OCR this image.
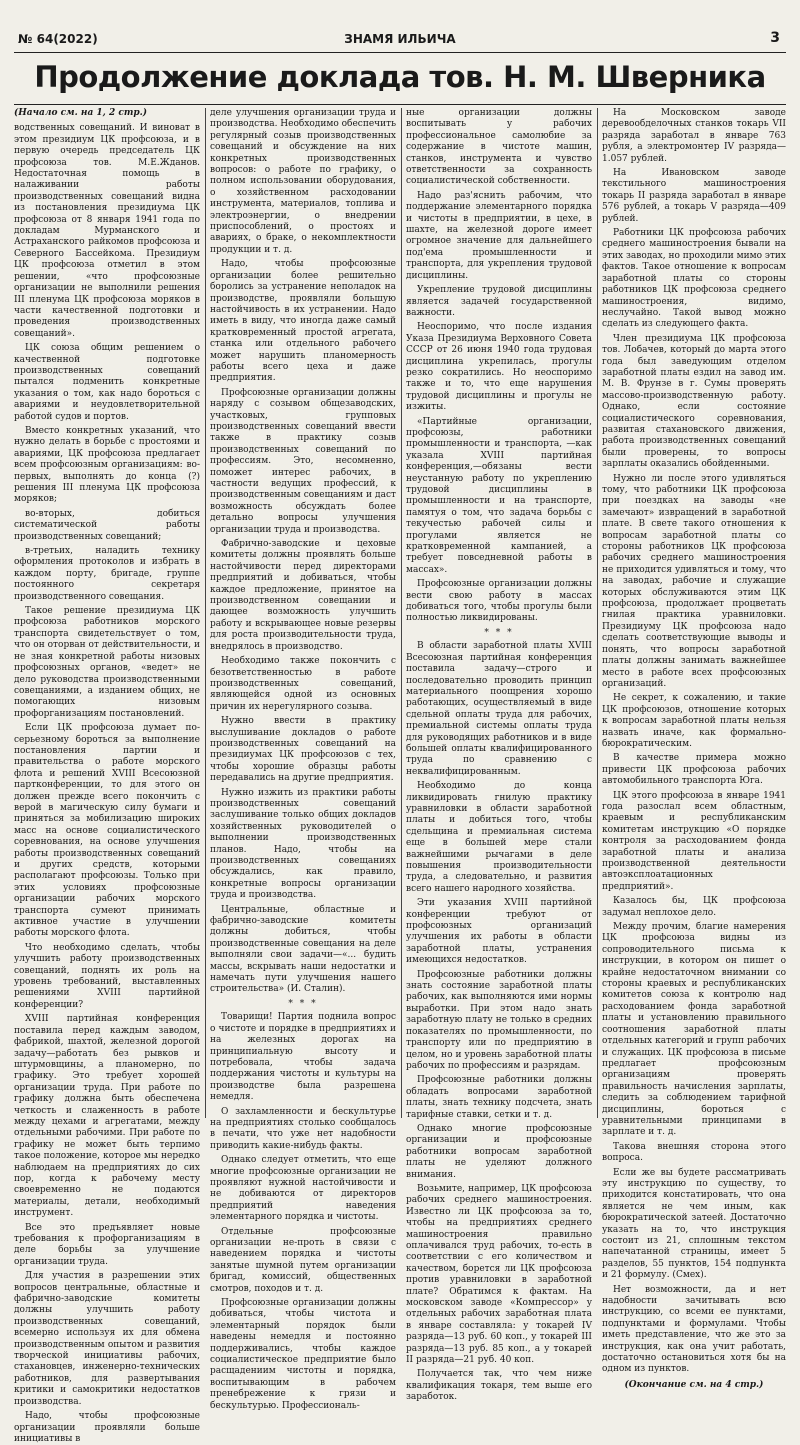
№ 64(2022)	ЗНАМЯ ИЛЬИЧА	3
Продолжение доклада тов. Н. М. Шверника

(Начало см. на 1, 2 стр.)

водственных совещаний. И виноват в этом президиум ЦК профсоюза, и в первую очередь председатель ЦК профсоюза тов. М.Е.Жданов. Недостаточная помощь в налаживании работы производственных совещаний видна из постановления президиума ЦК профсоюза от 8 января 1941 года по докладам Мурманского и Астраханского райкомов профсоюза и Северного Бассейкома. Президиум ЦК профсоюза отметил в этом решении, «что профсоюзные организации не выполнили решения III пленума ЦК профсоюза моряков в части качественной подготовки и проведения производственных совещаний».

ЦК союза общим решением о качественной подготовке производственных совещаний пытался подменить конкретные указания о том, как надо бороться с авариями и неудовлетворительной работой судов и портов.

Вместо конкретных указаний, что нужно делать в борьбе с простоями и авариями, ЦК профсоюза предлагает всем профсоюзным организациям: во-первых, выполнять до конца (?) решения III пленума ЦК профсоюза моряков;

во-вторых, добиться систематической работы производственных совещаний;

в-третьих, наладить технику оформления протоколов и избрать в каждом порту, бригаде, группе постоянного секретаря производственного совещания.

Такое решение президиума ЦК профсоюза работников морского транспорта свидетельствует о том, что он оторван от действительности, и не зная конкретной работы низовых профсоюзных органов, «ведет» не дело руководства производственными совещаниями, а изданием общих, не помогающих низовым профорганизациям постановлений.

Если ЦК профсоюза думает по-серьезному бороться за выполнение постановления партии и правительства о работе морского флота и решений XVIII Всесоюзной партконференции, то для этого он должен прежде всего покончить с верой в магическую силу бумаги и приняться за мобилизацию широких масс на основе социалистического соревнования, на основе улучшения работы производственных совещаний и других средств, которыми располагают профсоюзы. Только при этих условиях профсоюзные организации рабочих морского транспорта сумеют принимать активное участие в улучшении работы морского флота.

Что необходимо сделать, чтобы улучшить работу производственных совещаний, поднять их роль на уровень требований, выставленных решениями XVIII партийной конференции?

XVIII партийная конференция поставила перед каждым заводом, фабрикой, шахтой, железной дорогой задачу—работать без рывков и штурмовщины, а планомерно, по графику. Это требует хорошей организации труда. При работе по графику должна быть обеспечена четкость и слаженность в работе между цехами и агрегатами, между отдельными рабочими. При работе по графику не может быть терпимо такое положение, которое мы нередко наблюдаем на предприятиях до сих пор, когда к рабочему месту своевременно не подаются материалы, детали, необходимый инструмент.

Все это предъявляет новые требования к профорганизациям в деле борьбы за улучшение организации труда.

Для участия в разрешении этих вопросов центральные, областные и фабрично-заводские комитеты должны улучшить работу производственных совещаний, всемерно используя их для обмена производственным опытом и развития творческой инициативы рабочих, стахановцев, инженерно-технических работников, для развертывания критики и самокритики недостатков производства.

Надо, чтобы профсоюзные организации проявляли больше инициативы в

деле улучшения организации труда и производства. Необходимо обеспечить регулярный созыв производственных совещаний и обсуждение на них конкретных производственных вопросов: о работе по графику, о полном использовании оборудования, о хозяйственном расходовании инструмента, материалов, топлива и электроэнергии, о внедрении приспособлений, о простоях и авариях, о браке, о некомплектности продукции и т. д.

Надо, чтобы профсоюзные организации более решительно боролись за устранение неполадок на производстве, проявляли большую настойчивость в их устранении. Надо иметь в виду, что иногда даже самый кратковременный простой агрегата, станка или отдельного рабочего может нарушить планомерность работы всего цеха и даже предприятия.

Профсоюзные организации должны наряду с созывом общезаводских, участковых, групповых производственных совещаний ввести также в практику созыв производственных совещаний по профессиям. Это, несомненно, поможет интерес рабочих, в частности ведущих профессий, к производственным совещаниям и даст возможность обсуждать более детально вопросы улучшения организации труда и производства.

Фабрично-заводские и цеховые комитеты должны проявлять больше настойчивости перед директорами предприятий и добиваться, чтобы каждое предложение, принятое на производственном совещании и дающее возможность улучшить работу и вскрывающее новые резервы для роста производительности труда, внедрялось в производство.

Необходимо также покончить с безответственностью в работе производственных совещаний, являющейся одной из основных причин их нерегулярного созыва.

Нужно ввести в практику выслушивание докладов о работе производственных совещаний на президиумах ЦК профсоюзов с тех, чтобы хорошие образцы работы передавались на другие предприятия.

Нужно изжить из практики работы производственных совещаний заслушивание только общих докладов хозяйственных руководителей о выполнении производственных планов. Надо, чтобы на производственных совещаниях обсуждались, как правило, конкретные вопросы организации труда и производства.

Центральные, областные и фабрично-заводские комитеты должны добиться, чтобы производственные совещания на деле выполняли свои задачи—«... будить массы, вскрывать наши недостатки и намечать пути улучшения нашего строительства» (И. Сталин).

* * *

Товарищи! Партия поднила вопрос о чистоте и порядке в предприятиях и на железных дорогах на принципиальную высоту и потребовала, чтобы задача поддержания чистоты и культуры на производстве была разрешена немедля.

О захламленности и бескультурье на предприятиях столько сообщалось в печати, что уже нет надобности приводить какие-нибудь факты.

Однако следует отметить, что еще многие профсоюзные организации не проявляют нужной настойчивости и не добиваются от директоров предприятий наведения элементарного порядка и чистоты.

Отдельные профсоюзные организации не-проть в связи с наведением порядка и чистоты занятые шумной путем организации бригад, комиссий, общественных смотров, походов и т. д.

Профсоюзные организации должны добиваться, чтобы чистота и элементарный порядок были наведены немедля и постоянно поддерживались, чтобы каждое социалистическое предприятие было расщадениим чистоты и порядка, воспитывающим в рабочем пренебрежение к грязи и бескультурью. Профессиональ-

ные организации должны воспитывать у рабочих профессиональное самолюбие за содержание в чистоте машин, станков, инструмента и чувство ответственности за сохранность социалистической собственности.

Надо раз'яснить рабочим, что поддержание элементарного порядка и чистоты в предприятии, в цехе, в шахте, на железной дороге имеет огромное значение для дальнейшего под'ема промышленности и транспорта, для укрепления трудовой дисциплины.

Укрепление трудовой дисциплины является задачей государственной важности.

Неоспоримо, что после издания Указа Президиума Верховного Совета СССР от 26 июня 1940 года трудовая дисциплина укрепилась, прогулы резко сократились. Но неоспоримо также и то, что еще нарушения трудовой дисциплины и прогулы не изжиты.

«Партийные организации, профсоюзы, работники промышленности и транспорта, —как указала XVIII партийная конференция,—обязаны вести неустанную работу по укреплению трудовой дисциплины в промышленности и на транспорте, памятуя о том, что задача борьбы с текучестью рабочей силы и прогулами является не кратковременной кампанией, а требует повседневной работы в массах».

Профсоюзные организации должны вести свою работу в массах добиваться того, чтобы прогулы были полностью ликвидированы.

* * *

В области заработной платы XVIII Всесоюзная партийная конференция поставила задачу—строго и последовательно проводить принцип материального поощрения хорошо работающих, осуществляемый в виде сдельной оплаты труда для рабочих, премиальной системы оплаты труда для руководящих работников и в виде большей оплаты квалифицированного труда по сравнению с неквалифицированным.

Необходимо до конца ликвидировать гнилую практику уравниловки в области заработной платы и добиться того, чтобы сдельщина и премиальная система еще в большей мере стали важнейшими рычагами в деле повышения производительности труда, а следовательно, и развития всего нашего народного хозяйства.

Эти указания XVIII партийной конференции требуют от профсоюзных организаций улучшения их работы в области заработной платы, устранения имеющихся недостатков.

Профсоюзные работники должны знать состояние заработной платы рабочих, как выполняются ими нормы выработки. При этом надо знать заработную плату не только в средних показателях по промышленности, по транспорту или по предприятию в целом, но и уровень заработной платы рабочих по профессиям и разрядам.

Профсоюзные работники должны обладать вопросами заработной платы, знать технику подсчета, знать тарифные ставки, сетки и т. д.

Однако многие профсоюзные организации и профсоюзные работники вопросам заработной платы не уделяют должного внимания.

Возьмите, например, ЦК профсоюза рабочих среднего машиностроения. Известно ли ЦК профсоюза за то, чтобы на предприятиях среднего машиностроения правильно оплачивался труд рабочих, то-есть в соответствии с его количеством и качеством, борется ли ЦК профсоюза против уравниловки в заработной плате? Обратимся к фактам. На московском заводе «Компрессор» у отдельных рабочих заработная плата в январе составляла: у токарей IV разряда—13 руб. 60 коп., у токарей III разряда—13 руб. 85 коп., а у токарей II разряда—21 руб. 40 коп.

Получается так, что чем ниже квалификация токаря, тем выше его заработок.

На Московском заводе деревообделочных станков токарь VII разряда заработал в январе 763 рубля, а электромонтер IV разряда—1.057 рублей.

На Ивановском заводе текстильного машиностроения токарь II разряда заработал в январе 576 рублей, а токарь V разряда—409 рублей.

Работники ЦК профсоюза рабочих среднего машиностроения бывали на этих заводах, но проходили мимо этих фактов. Такое отношение к вопросам заработной платы со стороны работников ЦК профсоюза среднего машиностроения, видимо, неслучайно. Такой вывод можно сделать из следующего факта.

Член президиума ЦК профсоюза тов. Лобачев, который до марта этого года был заведующим отделом заработной платы ездил на завод им. М. В. Фрунзе в г. Сумы проверять массово-производственную работу. Однако, если состояние социалистического соревнования, развитая стахановского движения, работа производственных совещаний были проверены, то вопросы зарплаты оказались обойденными.

Нужно ли после этого удивляться тому, что работники ЦК профсоюза при поездках на заводы «не замечают» извращений в заработной плате. В свете такого отношения к вопросам заработной платы со стороны работников ЦК профсоюза рабочих среднего машиностроения не приходится удивляться и тому, что на заводах, рабочие и служащие которых обслуживаются этим ЦК профсоюза, продолжает процветать гнилая практика уравниловки. Президиуму ЦК профсоюза надо сделать соответствующие выводы и понять, что вопросы заработной платы должны занимать важнейшее место в работе всех профсоюзных организаций.

Не секрет, к сожалению, и такие ЦК профсоюзов, отношение которых к вопросам заработной платы нельзя назвать иначе, как формально-бюрократическим.

В качестве примера можно привести ЦК профсоюза рабочих автомобильного транспорта Юга.

ЦК этого профсоюза в январе 1941 года разослал всем областным, краевым и республиканским комитетам инструкцию «О порядке контроля за расходованием фонда заработной платы и анализа производственной деятельности автоэксплоатационных предприятий».

Казалось бы, ЦК профсоюза задумал неплохое дело.

Между прочим, благие намерения ЦК профсоюза видны из сопроводительного письма к инструкции, в котором он пишет о крайне недостаточном внимании со стороны краевых и республиканских комитетов союза к контролю над расходованием фонда заработной платы и установлению правильного соотношения заработной платы отдельных категорий и групп рабочих и служащих. ЦК профсоюза в письме предлагает профсоюзным организациям проверять правильность начисления зарплаты, следить за соблюдением тарифной дисциплины, бороться с уравнительными принципами в зарплате и т. д.

Такова внешняя сторона этого вопроса.

Если же вы будете рассматривать эту инструкцию по существу, то приходится констатировать, что она является не чем иным, как бюрократической затеей. Достаточно указать на то, что инструкция состоит из 21, сплошным текстом напечатанной страницы, имеет 5 разделов, 55 пунктов, 154 подпункта и 21 формулу. (Смех).

Нет возможности, да и нет надобности зачитывать всю инструкцию, со всеми ее пунктами, подпунктами и формулами. Чтобы иметь представление, что же это за инструкция, как она учит работать, достаточно остановиться хотя бы на одном из пунктов.

(Окончание см. на 4 стр.)
